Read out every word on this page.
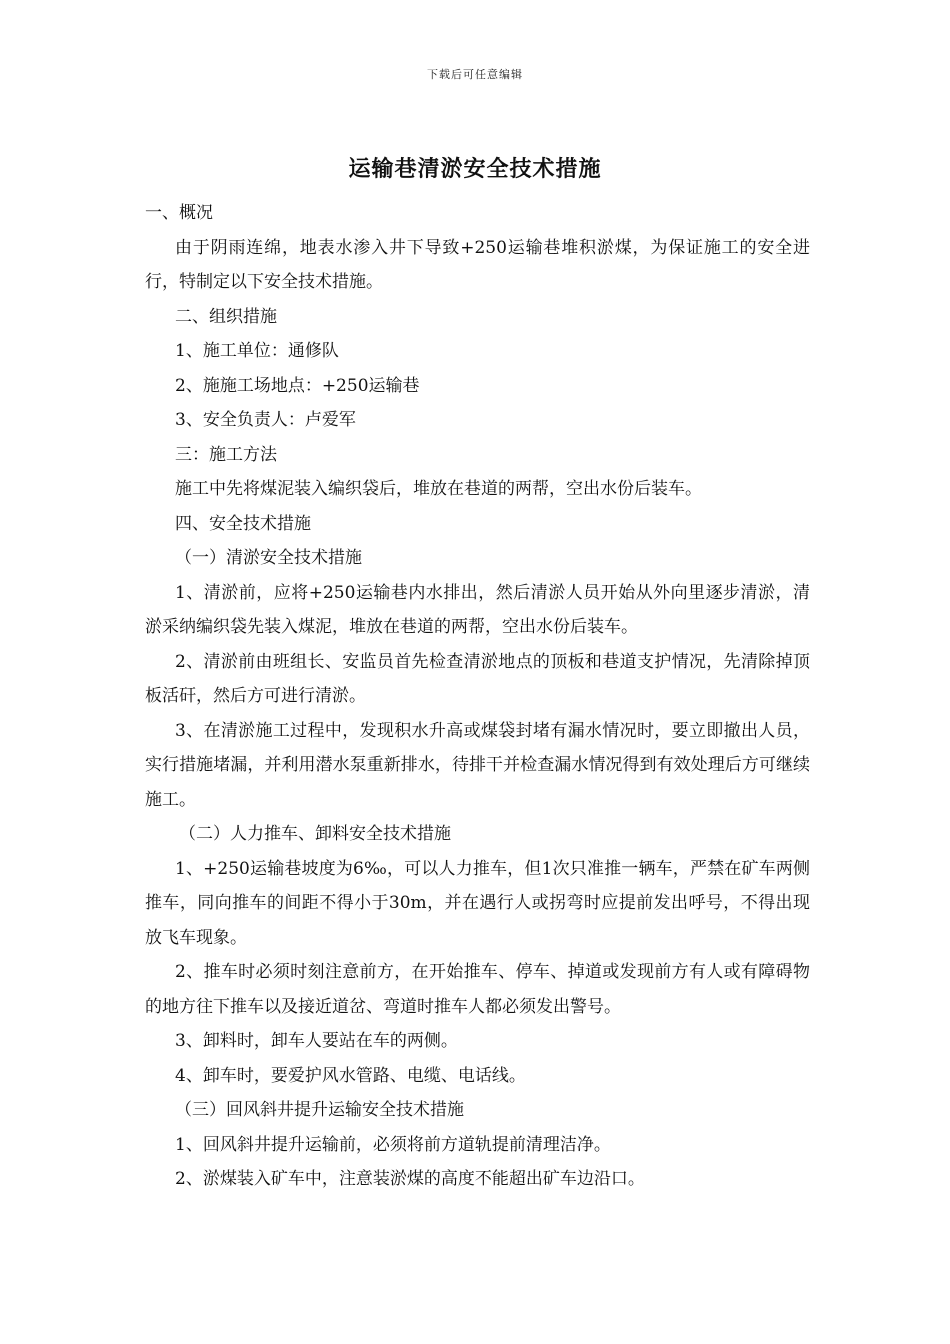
下载后可任意编辑
运输巷清淤安全技术措施

一、概况

由于阴雨连绵，地表水渗入井下导致+250运输巷堆积淤煤，为保证施工的安全进行，特制定以下安全技术措施。

二、组织措施

1、施工单位：通修队

2、施施工场地点：+250运输巷

3、安全负责人：卢爱军

三：施工方法

施工中先将煤泥装入编织袋后，堆放在巷道的两帮，空出水份后装车。

四、安全技术措施

（一）清淤安全技术措施

1、清淤前，应将+250运输巷内水排出，然后清淤人员开始从外向里逐步清淤，清淤采纳编织袋先装入煤泥，堆放在巷道的两帮，空出水份后装车。

2、清淤前由班组长、安监员首先检查清淤地点的顶板和巷道支护情况，先清除掉顶板活矸，然后方可进行清淤。

3、在清淤施工过程中，发现积水升高或煤袋封堵有漏水情况时，要立即撤出人员，实行措施堵漏，并利用潜水泵重新排水，待排干并检查漏水情况得到有效处理后方可继续施工。

（二）人力推车、卸料安全技术措施

1、+250运输巷坡度为6‰，可以人力推车，但1次只准推一辆车，严禁在矿车两侧推车，同向推车的间距不得小于30m，并在遇行人或拐弯时应提前发出呼号，不得出现放飞车现象。

2、推车时必须时刻注意前方，在开始推车、停车、掉道或发现前方有人或有障碍物的地方往下推车以及接近道岔、弯道时推车人都必须发出警号。

3、卸料时，卸车人要站在车的两侧。

4、卸车时，要爱护风水管路、电缆、电话线。

（三）回风斜井提升运输安全技术措施

1、回风斜井提升运输前，必须将前方道轨提前清理洁净。

2、淤煤装入矿车中，注意装淤煤的高度不能超出矿车边沿口。
